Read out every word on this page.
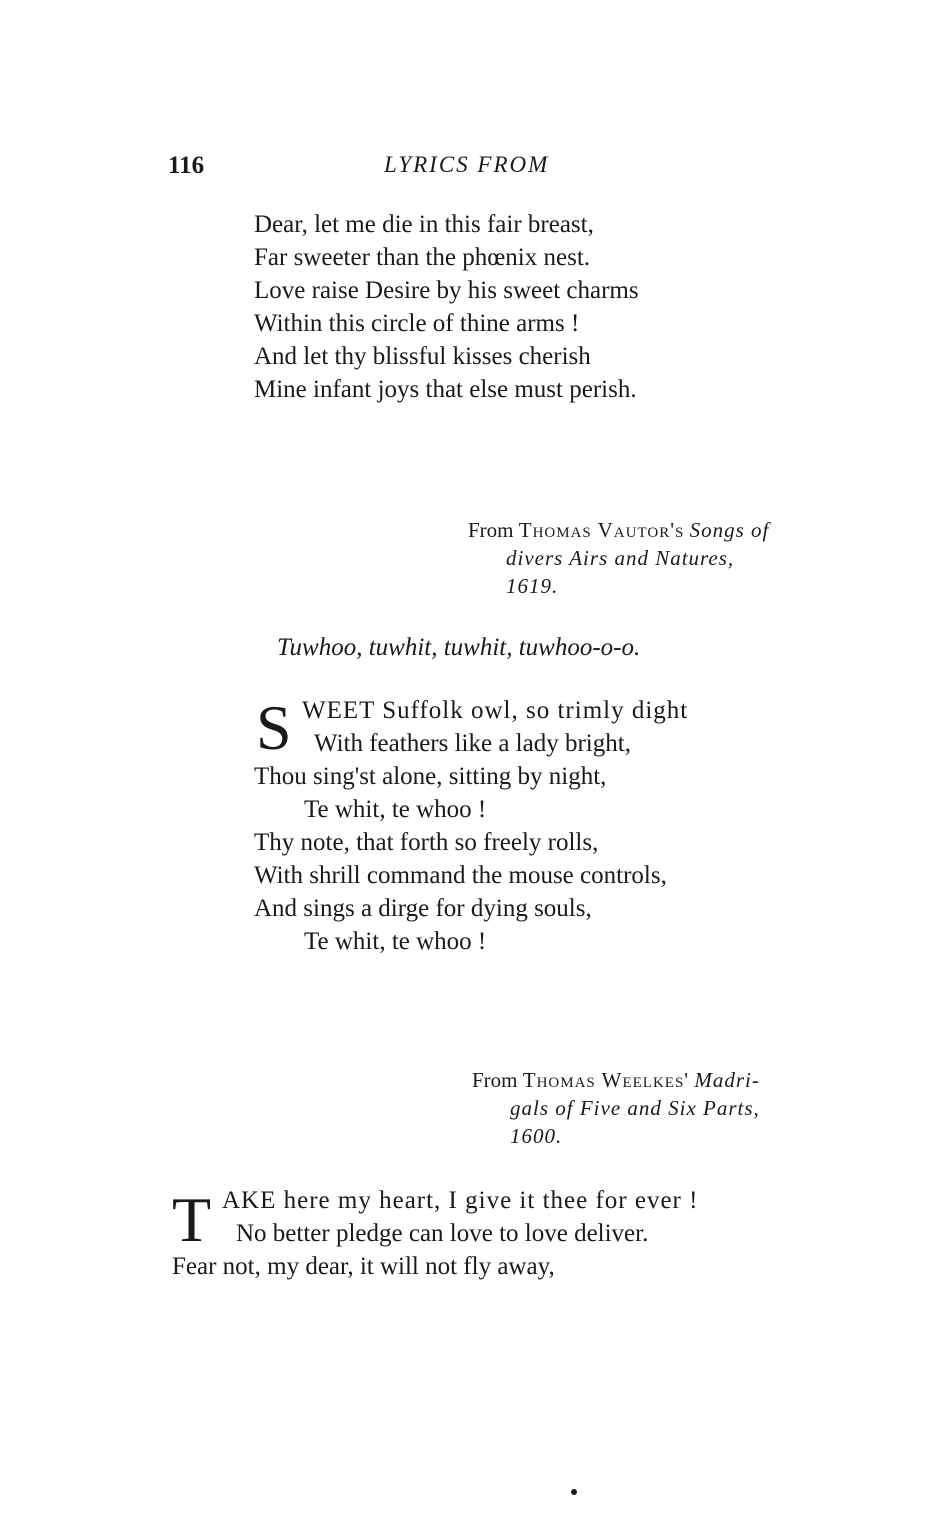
116	LYRICS FROM
Dear, let me die in this fair breast,
Far sweeter than the phœnix nest.
Love raise Desire by his sweet charms
Within this circle of thine arms !
And let thy blissful kisses cherish
Mine infant joys that else must perish.
From Thomas Vautor's Songs of
divers Airs and Natures,
1619.
Tuwhoo, tuwhit, tuwhit, tuwhoo-o-o.
S WEET Suffolk owl, so trimly dight
With feathers like a lady bright,
Thou sing'st alone, sitting by night,
Te whit, te whoo !
Thy note, that forth so freely rolls,
With shrill command the mouse controls,
And sings a dirge for dying souls,
Te whit, te whoo !
From Thomas Weelkes' Madri-
gals of Five and Six Parts,
1600.
T AKE here my heart, I give it thee for ever !
No better pledge can love to love deliver.
Fear not, my dear, it will not fly away,
